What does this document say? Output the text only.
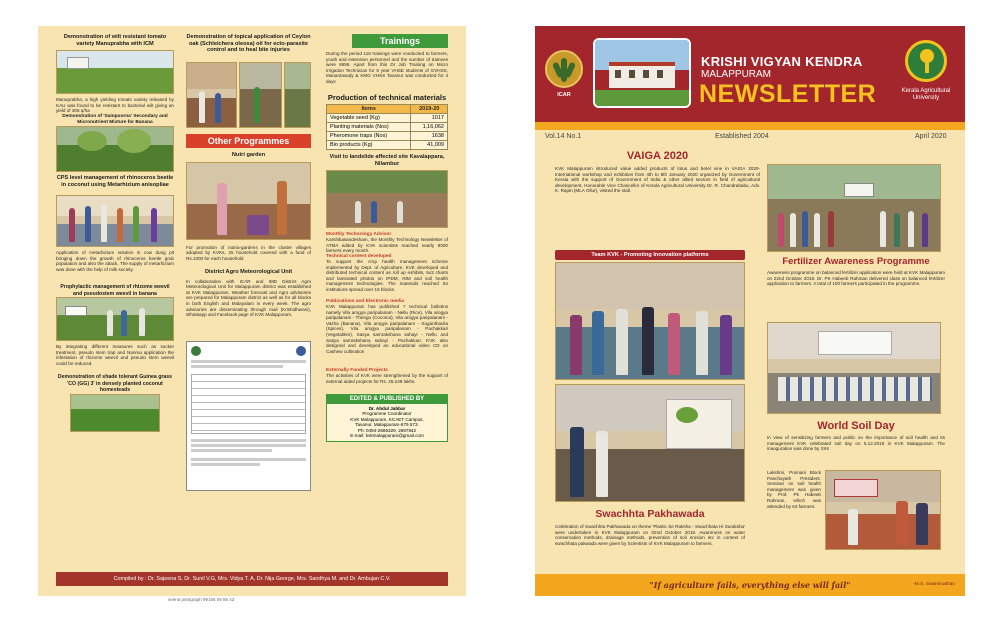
Demonstration of wilt resistant tomato variety Manuprabha with ICM
Manuprabha, a high yielding tomato variety released by KAU was found to be resistant to bacterial wilt giving an yield of 305 q/ha
Demonstration of 'Sampoorna' Secondary and Micronutrient Mixture for Banana
CPS level management of rhinoceros beetle in coconut using Metarhizium anisopliae
Application of metarhizium solution in cow dung pit bringing down the growth of rhinoceros beetle grub population and also the attack. The supply of metarhizium was done with the help of milk society.
Prophylactic management of rhizome weevil and pseudostem weevil in banana
By integrating different measures such as sucker treatment, pseudo stem trap and Nanma application the infestation of rhizome weevil and pseudo stem weevil could be reduced.
Demonstration of shade tolerant Guinea grass 'CO (GG) 3' in densely planted coconut homesteads
Demonstration of topical application of Ceylon oak (Schleichera oleosa) oil for ecto-parasite control and to heal bite injuries
Other Programmes
Nutri garden
For promotion of nutria-gardens in the cluster villages adopted by KVKs, 25 household covered with a fund of Rs.1000 for each household
District Agro Meteorological Unit
In collaboration with ICAR and IMD District Agro Meteorological Unit for Malappuram district was established at KVK Malappuram. Weather forecast and Agro advisories are prepared for Malappuram district as well as for all blocks in both English and Malayalam in every week. The agro advisories are disseminating through mail (Krishidhwani), Whatsapp and Facebook page of KVK Malappuram.
Trainings
During the period 118 trainings were conducted to farmers, youth and extension personnel and the number of trainees were 8659. Apart from this Dr Job Training on Micro Irrigation Technician for 8 year VHSE students of GVHSS, Manantavady & KMG VHSS Tavanur was conducted for 4 days
Production of technical materials
Items	2019-20
Vegetable seed (Kg)	1017
Planting materials (Nos)	1,16,062
Pheromone traps (Nos)	1638
Bio products (Kg)	41,009
Visit to landslide affected site Kavalappara, Nilambur
Monthly Technology Advisor
Karshikasandesham, the Monthly Technology Newsletter of ATMA edited by KVK scientists reached nearly 8000 farmers every month.
Technical content developed
To support the crop health management scheme implemented by Dept. of Agriculture, KVK developed and distributed technical content as roll up exhibits, 5x3 charts and laminated photos on IPDM, INM and soil health management technologies. The materials reached 54 institutions spread over 16 blocks.
Publications and Electronic media
KVK Malappuram has published 7 technical bulletins namely Vila arogya paripalanam - Nellu (Rice), Vila arogya paripalanam - Thengu (Coconut), Vila arogya paripalanam - Vazha (Banana), Vila arogya paripalanam - Suganthavila (Spices), Vila arogya paripalanam - Pachakkari (Vegetables), Sasya samrakshana sahayi - Nellu and Sasya samrakshana sahayi - Pachakkari. KVK also designed and developed an educational video CD on Cashew cultivation
Externally Funded Projects
The activities of KVK were strengthened by the support of external aided projects for Rs. 25.249 lakhs.
EDITED & PUBLISHED BY
Dr. Abdul Jabbar
Programme Coordinator
KVK Malappuram, KCAET Campus,
Tavanur, Malappuram-679 573.
Ph: 0494-2686329, 2687842
E-mail: kvkmalappuram@gmail.com
Compiled by : Dr. Sajeena S, Dr. Sunil V.G, Mrs. Vidya T. A, Dr. Nija George, Mrs. Sandhya M. and Dr. Ambujan C.V.
seena printgraph 99155 09 86 43
ICAR
KRISHI VIGYAN KENDRA
MALAPPURAM
NEWSLETTER	Kerala Agricultural University
Vol.14 No.1	Established 2004	April 2020
VAIGA 2020
KVK Malappuram introduced value added products of lotus and betel vine in VAIGA 2020- International workshop and exhibition from 4th to 8th January 2020 organized by Government of Kerala with the support of Government of India & other allied sectors in field of agricultural development. Honorable Vice Chancellor of Kerala Agricultural University Dr. R. Chandrababu, Adv. K. Rajan (MLA Ollur), visited the stall.
Team KVK - Promoting Innovation platforms
Swachhta Pakhawada
Celebration of Swachhta Pakhawada on theme 'Plastic Se Raksha - Swachhata Hi Suraksha' were undertaken in KVK Malappuram on 02nd October 2019. Awareness on water conservation methods, drainage methods, prevention of soil erosion etc in context of swachhata pakwada were given by Scientists of KVK Malappuram to farmers.
Fertilizer Awareness Programme
Awareness programme on balanced fertilizer application were held at KVK Malappuram on 22nd October 2019. Dr. PK Habeeb Rahman delivered class on balanced fertilizer application to farmers. A total of 100 farmers participated in the programme.
World Soil Day
In view of sensitizing farmers and public on the importance of soil health and its management KVK celebrated soil day on 5.12.2019 in KVK Malappuram. The inauguration was done by Smt
Lakshmi, Ponnani Block Panchayath President. Seminar on soil health management was given by Prof. Pk Habeeb Rahman, which was attended by 63 farmers.
"If agriculture fails, everything else will fail"	-M.S. Swaminathan
